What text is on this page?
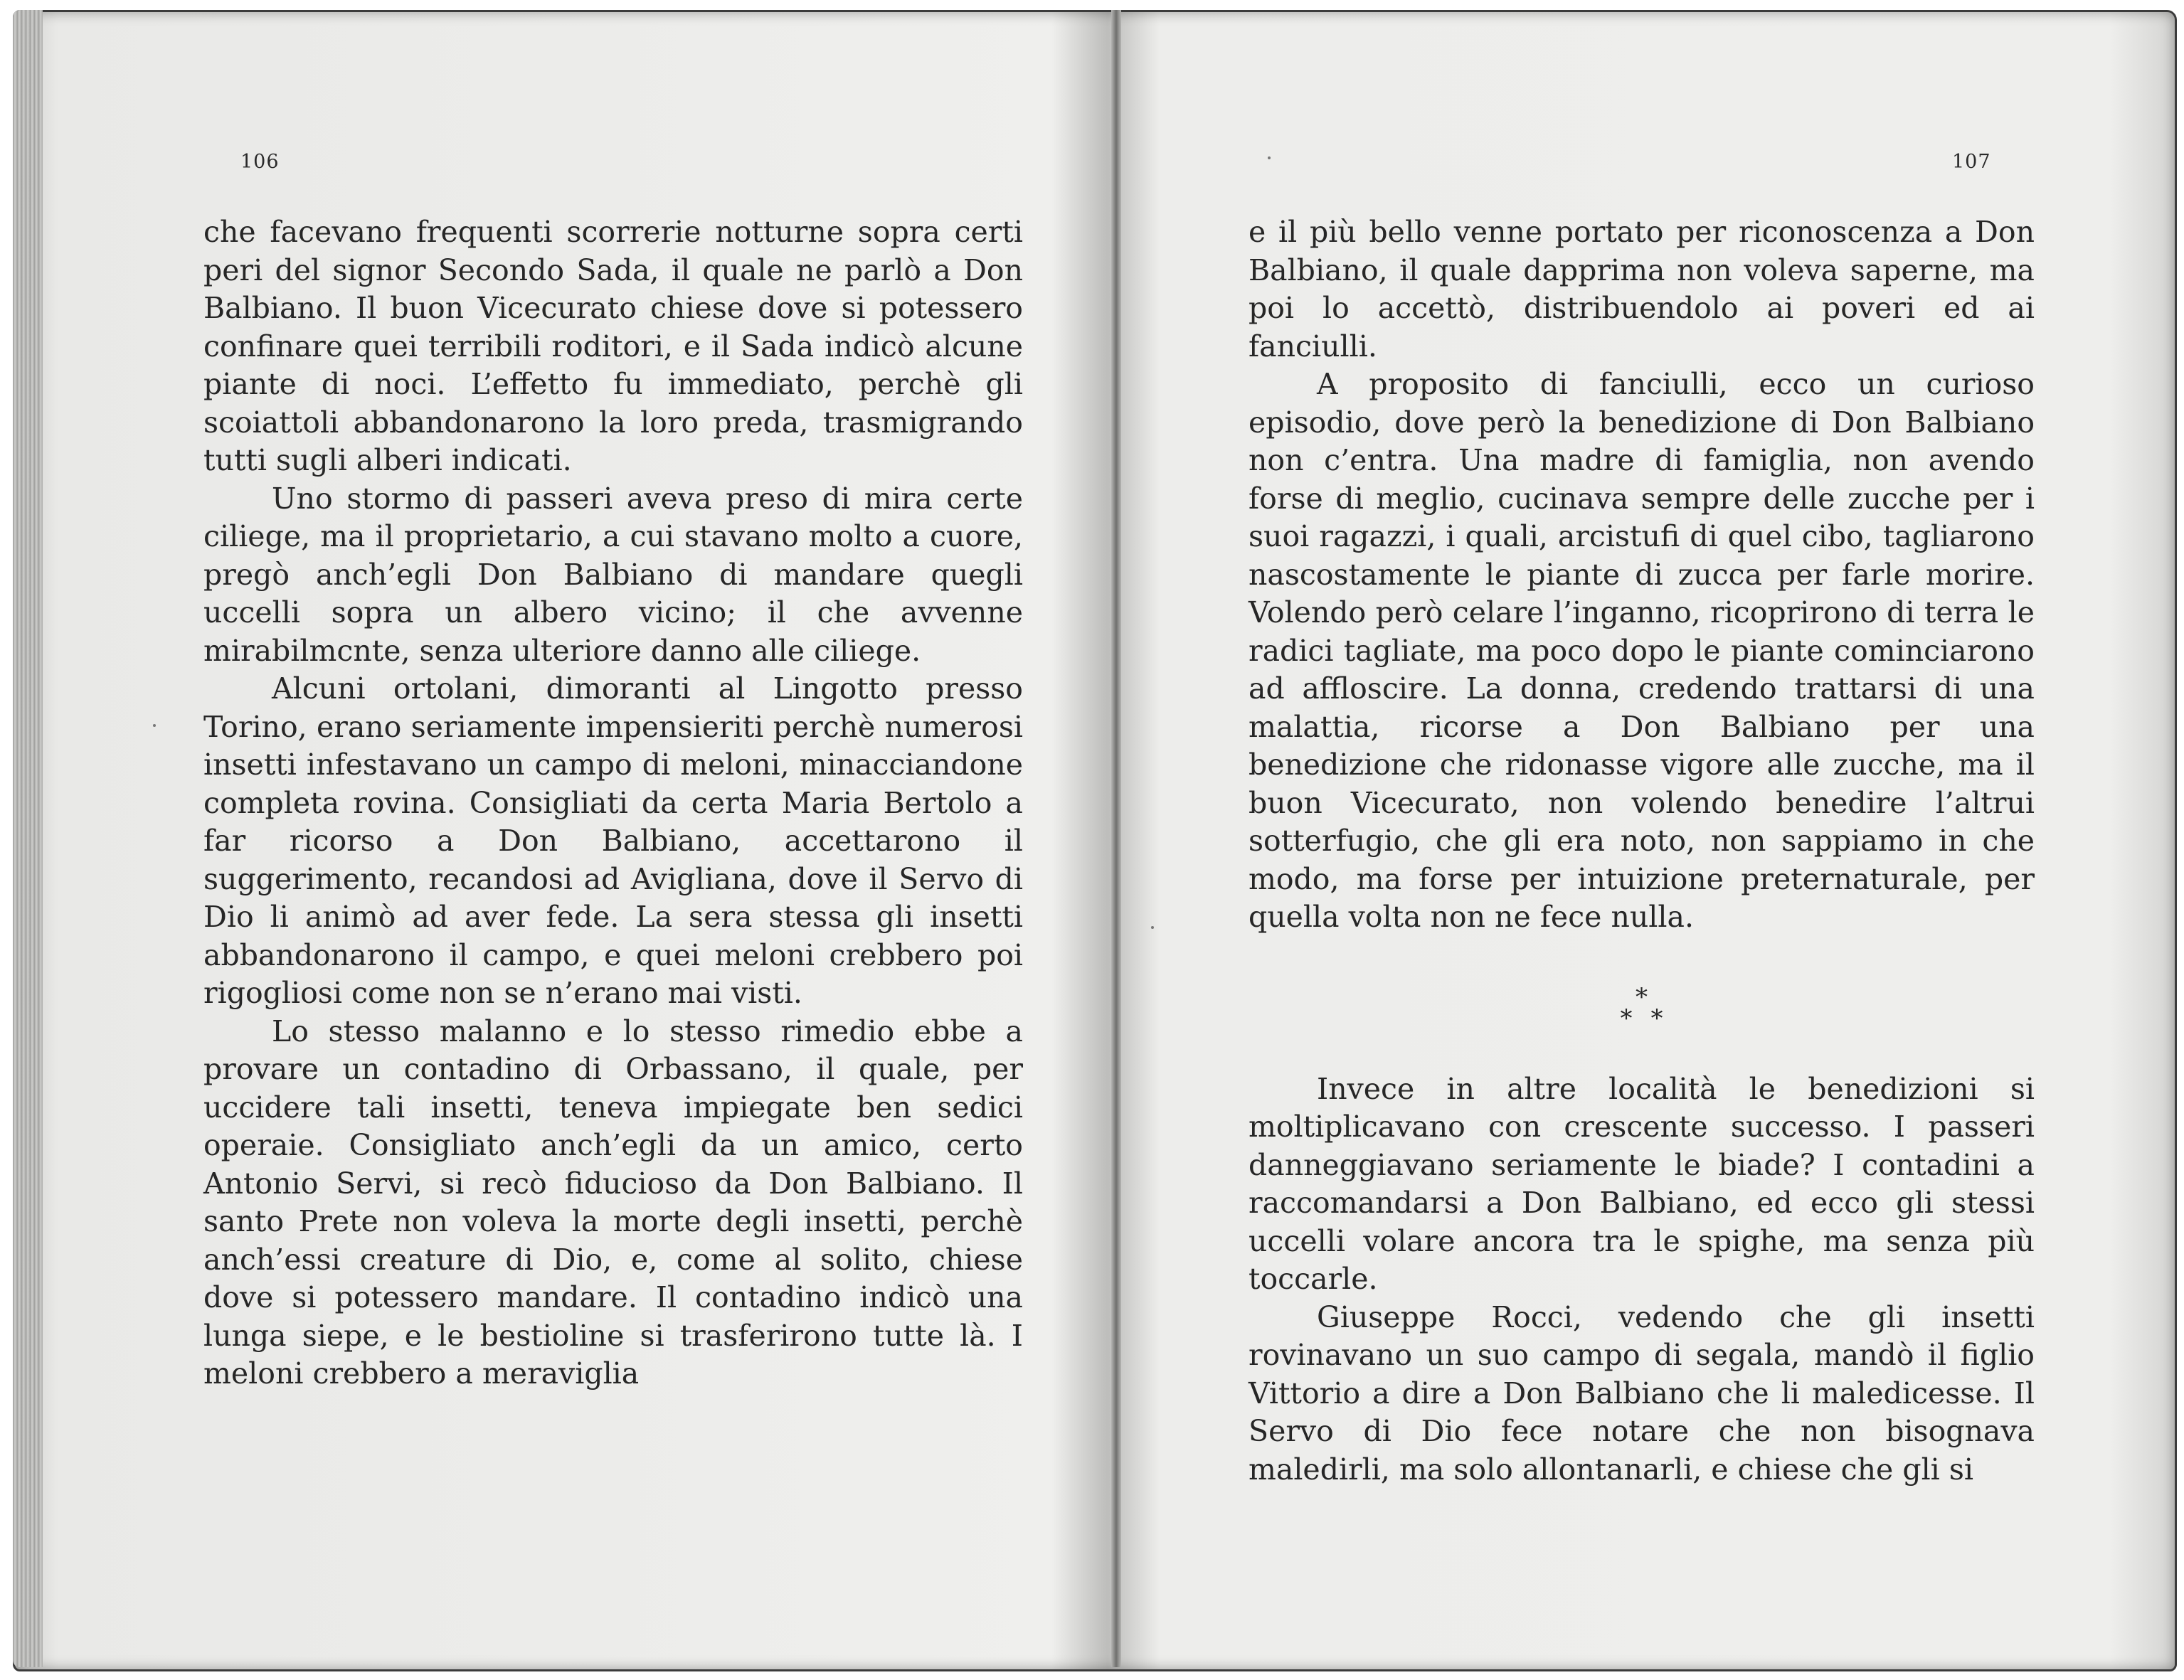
106

che facevano frequenti scorrerie notturne sopra certi peri del signor Secondo Sada, il quale ne parlò a Don Balbiano. Il buon Vicecurato chiese dove si potessero confinare quei terribili roditori, e il Sada indicò alcune piante di noci. L’effetto fu immediato, perchè gli scoiattoli abbandonarono la loro preda, trasmigrando tutti sugli alberi indicati.

Uno stormo di passeri aveva preso di mira certe ciliege, ma il proprietario, a cui stavano molto a cuore, pregò anch’egli Don Balbiano di mandare quegli uccelli sopra un albero vicino; il che avvenne mirabilmcnte, senza ulteriore danno alle ciliege.

Alcuni ortolani, dimoranti al Lingotto presso Torino, erano seriamente impensieriti perchè numerosi insetti infestavano un campo di meloni, minacciandone completa rovina. Consigliati da certa Maria Bertolo a far ricorso a Don Balbiano, accettarono il suggerimento, recandosi ad Avigliana, dove il Servo di Dio li animò ad aver fede. La sera stessa gli insetti abbandonarono il campo, e quei meloni crebbero poi rigogliosi come non se n’erano mai visti.

Lo stesso malanno e lo stesso rimedio ebbe a provare un contadino di Orbassano, il quale, per uccidere tali insetti, teneva impiegate ben sedici operaie. Consigliato anch’egli da un amico, certo Antonio Servi, si recò fiducioso da Don Balbiano. Il santo Prete non voleva la morte degli insetti, perchè anch’essi creature di Dio, e, come al solito, chiese dove si potessero mandare. Il contadino indicò una lunga siepe, e le bestioline si trasferirono tutte là. I meloni crebbero a meraviglia

107

e il più bello venne portato per riconoscenza a Don Balbiano, il quale dapprima non voleva saperne, ma poi lo accettò, distribuendolo ai poveri ed ai fanciulli.

A proposito di fanciulli, ecco un curioso episodio, dove però la benedizione di Don Balbiano non c’entra. Una madre di famiglia, non avendo forse di meglio, cucinava sempre delle zucche per i suoi ragazzi, i quali, arcistufi di quel cibo, tagliarono nascostamente le piante di zucca per farle morire. Volendo però celare l’inganno, ricoprirono di terra le radici tagliate, ma poco dopo le piante cominciarono ad affloscire. La donna, credendo trattarsi di una malattia, ricorse a Don Balbiano per una benedizione che ridonasse vigore alle zucche, ma il buon Vicecurato, non volendo benedire l’altrui sotterfugio, che gli era noto, non sappiamo in che modo, ma forse per intuizione preternaturale, per quella volta non ne fece nulla.

*
**

Invece in altre località le benedizioni si moltiplicavano con crescente successo. I passeri danneggiavano seriamente le biade? I contadini a raccomandarsi a Don Balbiano, ed ecco gli stessi uccelli volare ancora tra le spighe, ma senza più toccarle.

Giuseppe Rocci, vedendo che gli insetti rovinavano un suo campo di segala, mandò il figlio Vittorio a dire a Don Balbiano che li maledicesse. Il Servo di Dio fece notare che non bisognava maledirli, ma solo allontanarli, e chiese che gli si
